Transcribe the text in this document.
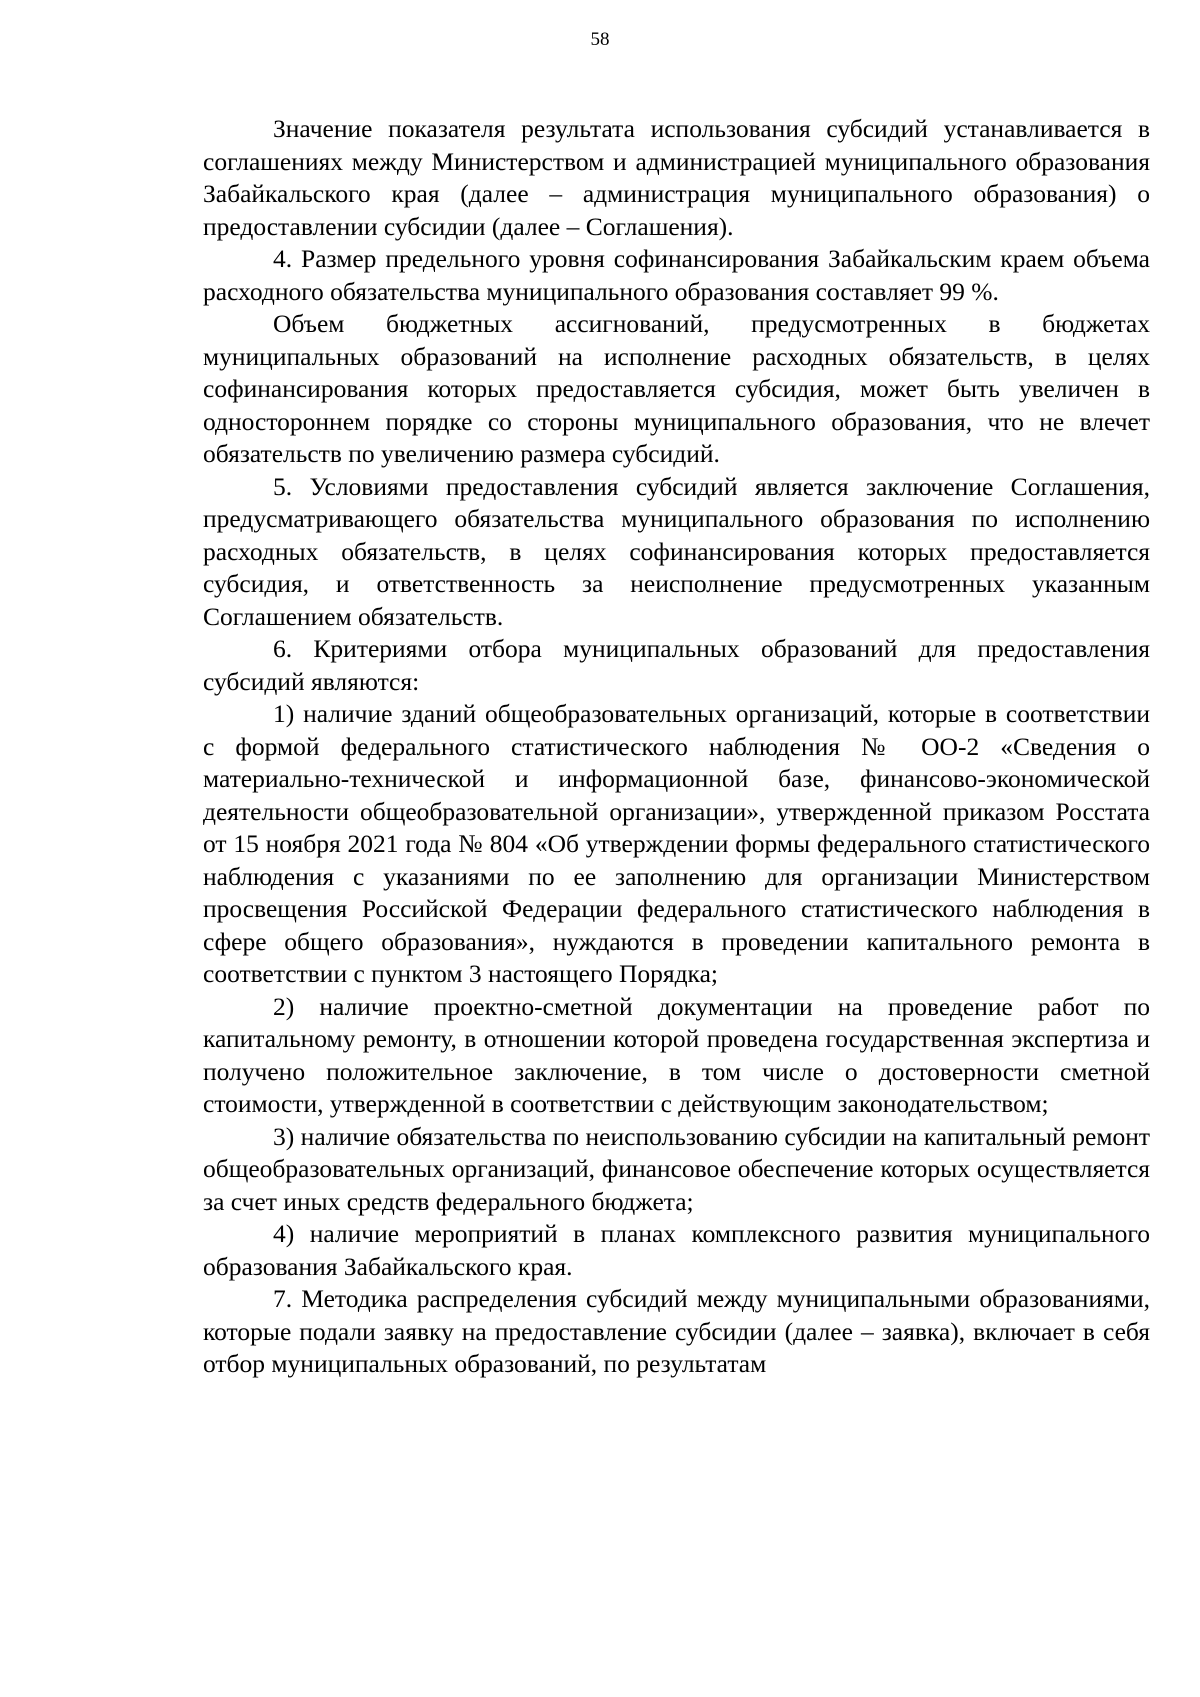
58

Значение показателя результата использования субсидий устанавливается в соглашениях между Министерством и администрацией муниципального образования Забайкальского края (далее – администрация муниципального образования) о предоставлении субсидии (далее – Соглашения).

4. Размер предельного уровня софинансирования Забайкальским краем объема расходного обязательства муниципального образования составляет 99 %.

Объем бюджетных ассигнований, предусмотренных в бюджетах муниципальных образований на исполнение расходных обязательств, в целях софинансирования которых предоставляется субсидия, может быть увеличен в одностороннем порядке со стороны муниципального образования, что не влечет обязательств по увеличению размера субсидий.

5. Условиями предоставления субсидий является заключение Соглашения, предусматривающего обязательства муниципального образования по исполнению расходных обязательств, в целях софинансирования которых предоставляется субсидия, и ответственность за неисполнение предусмотренных указанным Соглашением обязательств.

6. Критериями отбора муниципальных образований для предоставления субсидий являются:

1) наличие зданий общеобразовательных организаций, которые в соответствии с формой федерального статистического наблюдения № ОО-2 «Сведения о материально-технической и информационной базе, финансово-экономической деятельности общеобразовательной организации», утвержденной приказом Росстата от 15 ноября 2021 года № 804 «Об утверждении формы федерального статистического наблюдения с указаниями по ее заполнению для организации Министерством просвещения Российской Федерации федерального статистического наблюдения в сфере общего образования», нуждаются в проведении капитального ремонта в соответствии с пунктом 3 настоящего Порядка;

2) наличие проектно-сметной документации на проведение работ по капитальному ремонту, в отношении которой проведена государственная экспертиза и получено положительное заключение, в том числе о достоверности сметной стоимости, утвержденной в соответствии с действующим законодательством;

3) наличие обязательства по неиспользованию субсидии на капитальный ремонт общеобразовательных организаций, финансовое обеспечение которых осуществляется за счет иных средств федерального бюджета;

4) наличие мероприятий в планах комплексного развития муниципального образования Забайкальского края.

7. Методика распределения субсидий между муниципальными образованиями, которые подали заявку на предоставление субсидии (далее – заявка), включает в себя отбор муниципальных образований, по результатам
